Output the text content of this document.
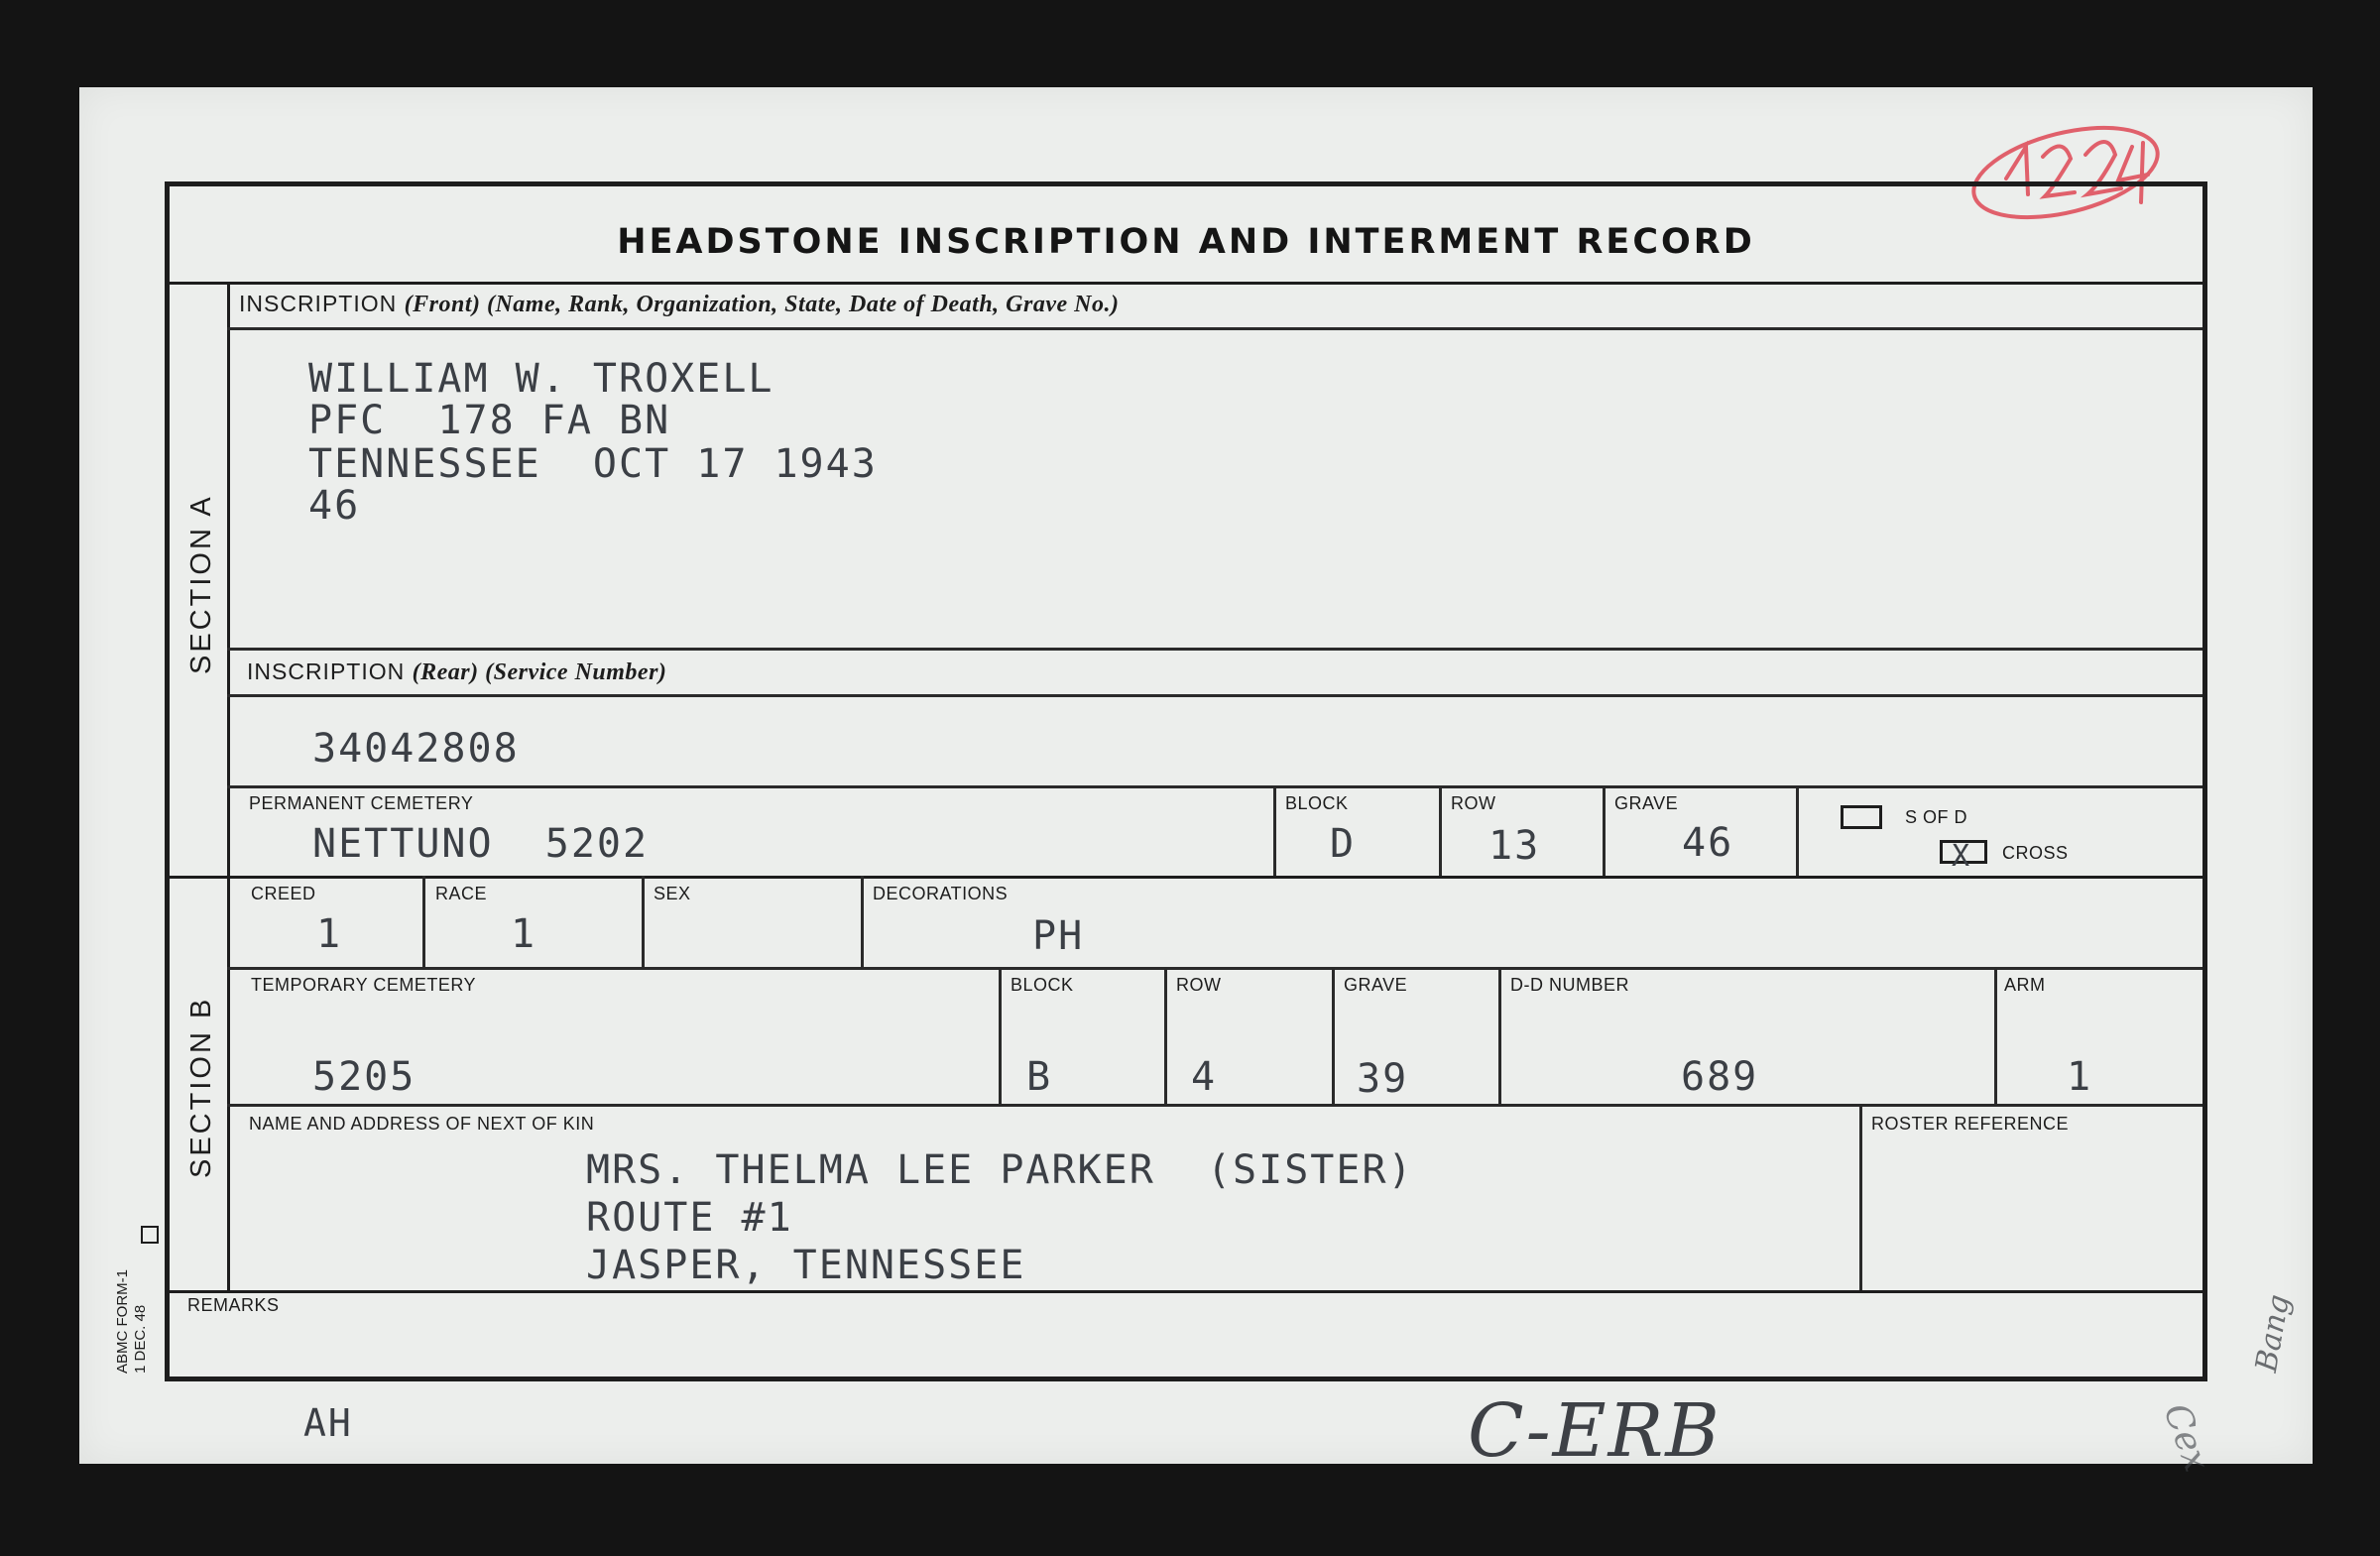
HEADSTONE INSCRIPTION AND INTERMENT RECORD
SECTION A
SECTION B
INSCRIPTION (Front) (Name, Rank, Organization, State, Date of Death, Grave No.)
WILLIAM W. TROXELL
PFC  178 FA BN
TENNESSEE  OCT 17 1943
46
INSCRIPTION (Rear) (Service Number)
34042808
PERMANENT CEMETERY
NETTUNO  5202
BLOCK
D
ROW
13
GRAVE
46
S OF D
X CROSS
CREED
1
RACE
1
SEX	DECORATIONS
PH
TEMPORARY CEMETERY
5205
BLOCK
B
ROW
4
GRAVE
39
D-D NUMBER
689
ARM
1
NAME AND ADDRESS OF NEXT OF KIN
MRS. THELMA LEE PARKER  (SISTER)
ROUTE #1
JASPER, TENNESSEE
ROSTER REFERENCE
REMARKS
ABMC FORM-1
1 DEC. 48
AH	C-ERB
Bang
Cex
